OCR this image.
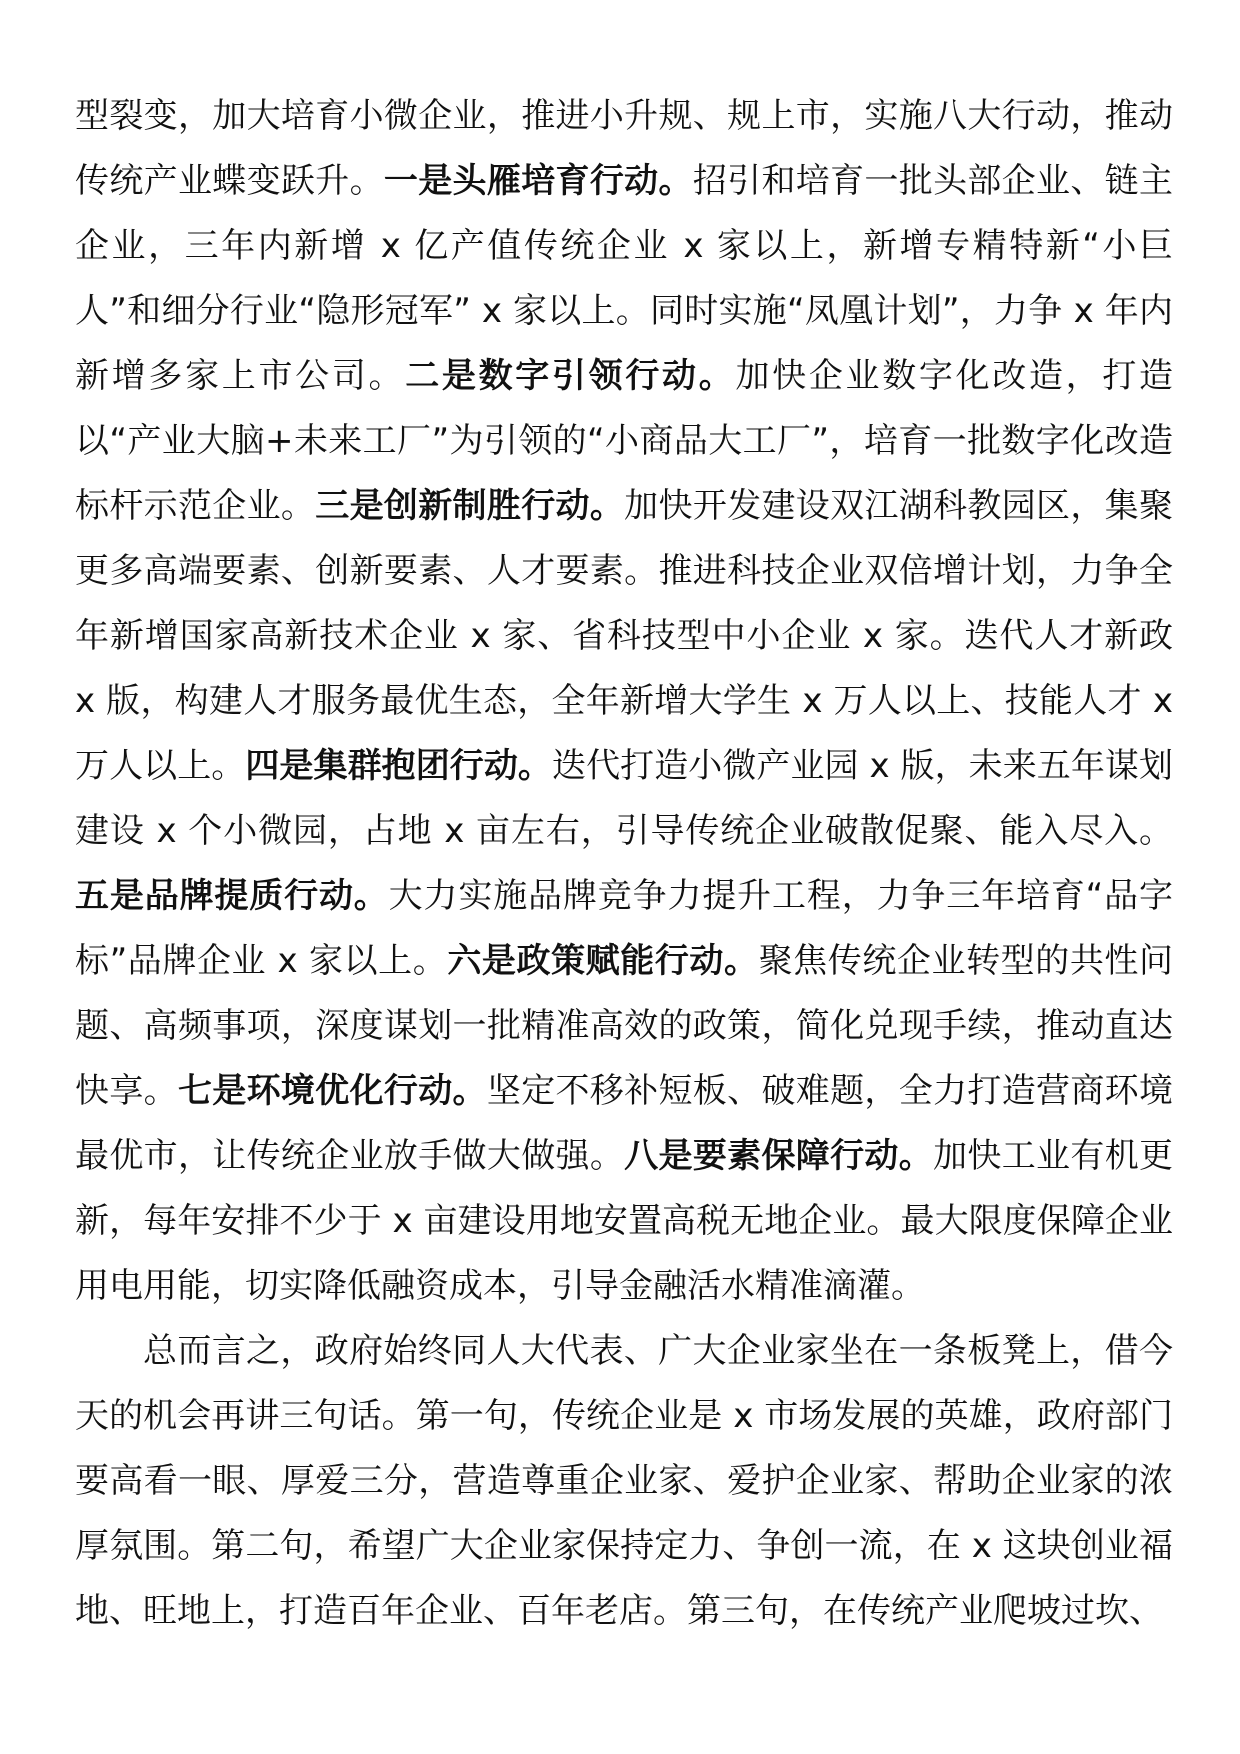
型裂变，加大培育小微企业，推进小升规、规上市，实施八大行动，推动传统产业蝶变跃升。一是头雁培育行动。招引和培育一批头部企业、链主企业，三年内新增 x 亿产值传统企业 x 家以上，新增专精特新“小巨人”和细分行业“隐形冠军” x 家以上。同时实施“凤凰计划”，力争 x 年内新增多家上市公司。二是数字引领行动。加快企业数字化改造，打造以“产业大脑+未来工厂”为引领的“小商品大工厂”，培育一批数字化改造标杆示范企业。三是创新制胜行动。加快开发建设双江湖科教园区，集聚更多高端要素、创新要素、人才要素。推进科技企业双倍增计划，力争全年新增国家高新技术企业 x 家、省科技型中小企业 x 家。迭代人才新政 x 版，构建人才服务最优生态，全年新增大学生 x 万人以上、技能人才 x 万人以上。四是集群抱团行动。迭代打造小微产业园 x 版，未来五年谋划建设 x 个小微园，占地 x 亩左右，引导传统企业破散促聚、能入尽入。五是品牌提质行动。大力实施品牌竞争力提升工程，力争三年培育“品字标”品牌企业 x 家以上。六是政策赋能行动。聚焦传统企业转型的共性问题、高频事项，深度谋划一批精准高效的政策，简化兑现手续，推动直达快享。七是环境优化行动。坚定不移补短板、破难题，全力打造营商环境最优市，让传统企业放手做大做强。八是要素保障行动。加快工业有机更新，每年安排不少于 x 亩建设用地安置高税无地企业。最大限度保障企业用电用能，切实降低融资成本，引导金融活水精准滴灌。

总而言之，政府始终同人大代表、广大企业家坐在一条板凳上，借今天的机会再讲三句话。第一句，传统企业是 x 市场发展的英雄，政府部门要高看一眼、厚爱三分，营造尊重企业家、爱护企业家、帮助企业家的浓厚氛围。第二句，希望广大企业家保持定力、争创一流，在 x 这块创业福地、旺地上，打造百年企业、百年老店。第三句，在传统产业爬坡过坎、
